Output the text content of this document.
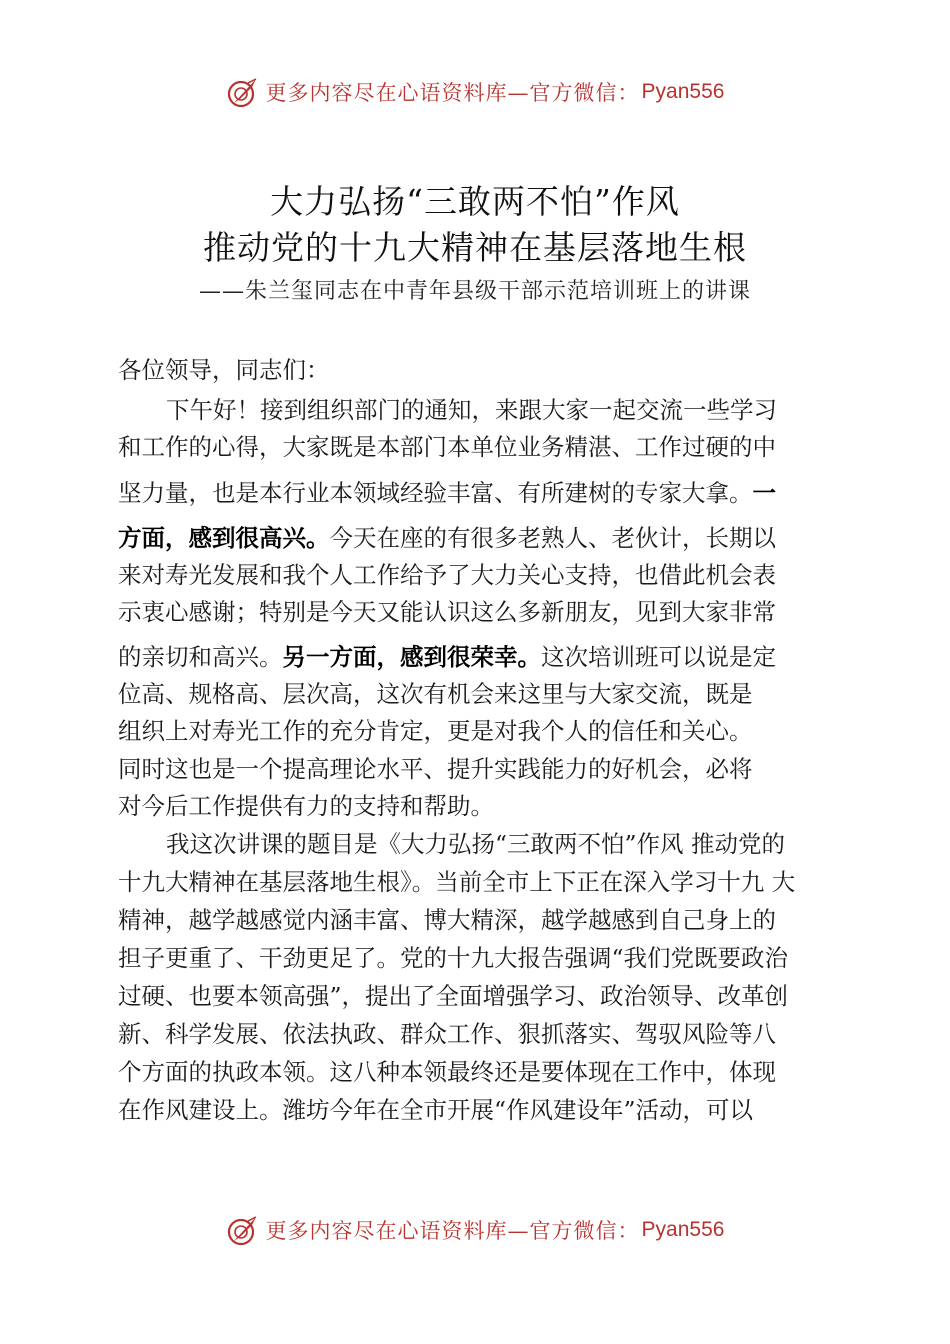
更多内容尽在心语资料库—官方微信： Pyan556
大力弘扬“三敢两不怕”作风
推动党的十九大精神在基层落地生根
——朱兰玺同志在中青年县级干部示范培训班上的讲课
各位领导，同志们：
下午好！接到组织部门的通知，来跟大家一起交流一些学习
和工作的心得，大家既是本部门本单位业务精湛、工作过硬的中
坚力量，也是本行业本领域经验丰富、有所建树的专家大拿。一
方面，感到很高兴。今天在座的有很多老熟人、老伙计，长期以
来对寿光发展和我个人工作给予了大力关心支持，也借此机会表
示衷心感谢；特别是今天又能认识这么多新朋友，见到大家非常
的亲切和高兴。另一方面，感到很荣幸。这次培训班可以说是定
位高、规格高、层次高，这次有机会来这里与大家交流，既是
组织上对寿光工作的充分肯定，更是对我个人的信任和关心。
同时这也是一个提高理论水平、提升实践能力的好机会，必将
对今后工作提供有力的支持和帮助。
我这次讲课的题目是《大力弘扬“三敢两不怕”作风 推动党的
十九大精神在基层落地生根》。当前全市上下正在深入学习十九 大
精神，越学越感觉内涵丰富、博大精深，越学越感到自己身上的
担子更重了、干劲更足了。党的十九大报告强调“我们党既要政治
过硬、也要本领高强”，提出了全面增强学习、政治领导、改革创
新、科学发展、依法执政、群众工作、狠抓落实、驾驭风险等八
个方面的执政本领。这八种本领最终还是要体现在工作中，体现
在作风建设上。潍坊今年在全市开展“作风建设年”活动，可以
更多内容尽在心语资料库—官方微信： Pyan556
